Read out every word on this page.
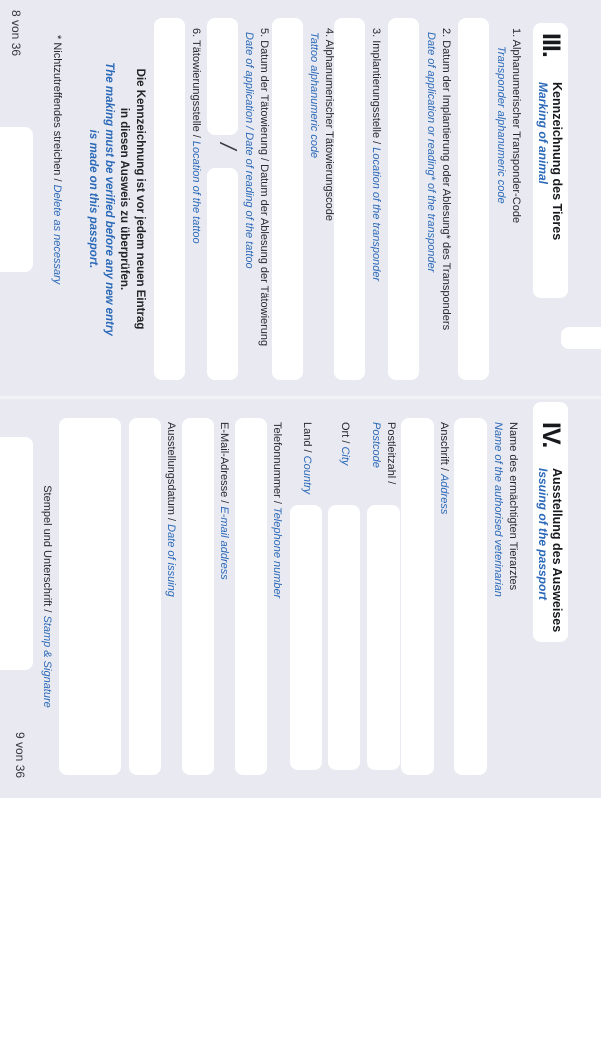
III.
Kennzeichnung des Tieres
Marking of animal
1. Alphanumerischer Transponder-Code
Transponder alphanumeric code
2. Datum der Implantierung oder Ablesung* des Transponders
Date of application or reading* of the transponder
3. Implantierungsstelle / Location of the transponder
4. Alphanumerischer Tätowierungscode
Tattoo alphanumeric code
5. Datum der Tätowierung / Datum der Ablesung der Tätowierung
Date of application / Date of reading of the tattoo
/
6. Tätowierungsstelle / Location of the tattoo
Die Kennzeichnung ist vor jedem neuen Eintrag
in diesen Ausweis zu überprüfen.
The making must be verified before any new entry
is made on this passport.
* Nichtzutreffendes streichen / Delete as necessary
8 von 36
IV.
Ausstellung des Ausweises
Issuing of the passport
Name des ermächtigten Tierarztes
Name of the authorised veterinarian
Anschrift / Address
Postleitzahl /
Postcode
Ort / City
Land / Country
Telefonnummer / Telephone number
E-Mail-Adresse / E-mail address
Ausstellungsdatum / Date of issuing
Stempel und Unterschrift / Stamp & Signature
9 von 36
